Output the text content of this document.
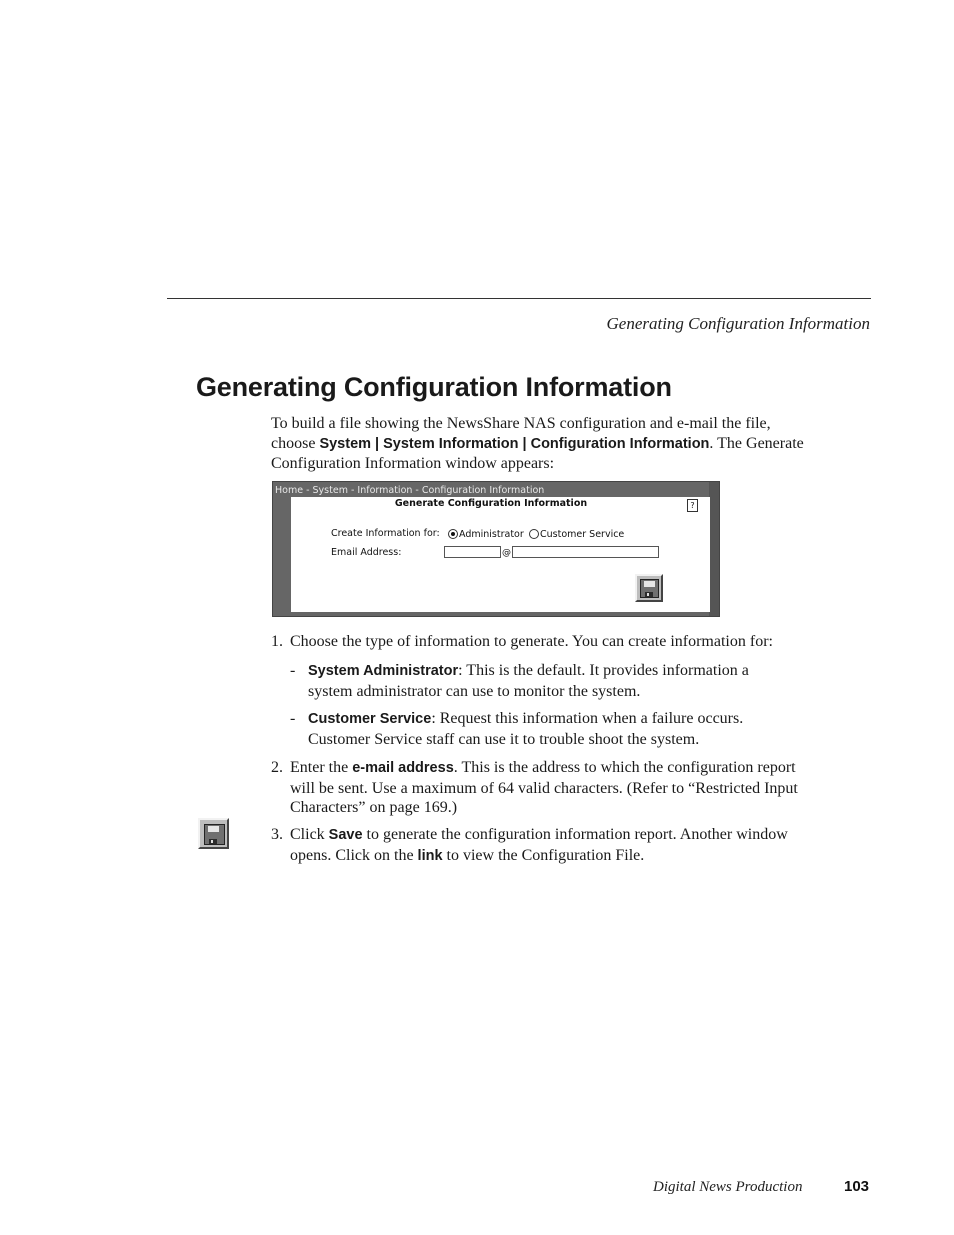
Generating Configuration Information
Generating Configuration Information
To build a file showing the NewsShare NAS configuration and e-mail the file, choose System | System Information | Configuration Information. The Generate Configuration Information window appears:
Home - System - Information - Configuration Information
Generate Configuration Information	?
Create Information for: Administrator Customer Service
Email Address:	@
1. Choose the type of information to generate. You can create information for:
- System Administrator: This is the default. It provides information a system administrator can use to monitor the system.
- Customer Service: Request this information when a failure occurs. Customer Service staff can use it to trouble shoot the system.
2. Enter the e-mail address. This is the address to which the configuration report will be sent. Use a maximum of 64 valid characters. (Refer to “Restricted Input Characters” on page 169.)
3. Click Save to generate the configuration information report. Another window opens. Click on the link to view the Configuration File.
Digital News Production	103
